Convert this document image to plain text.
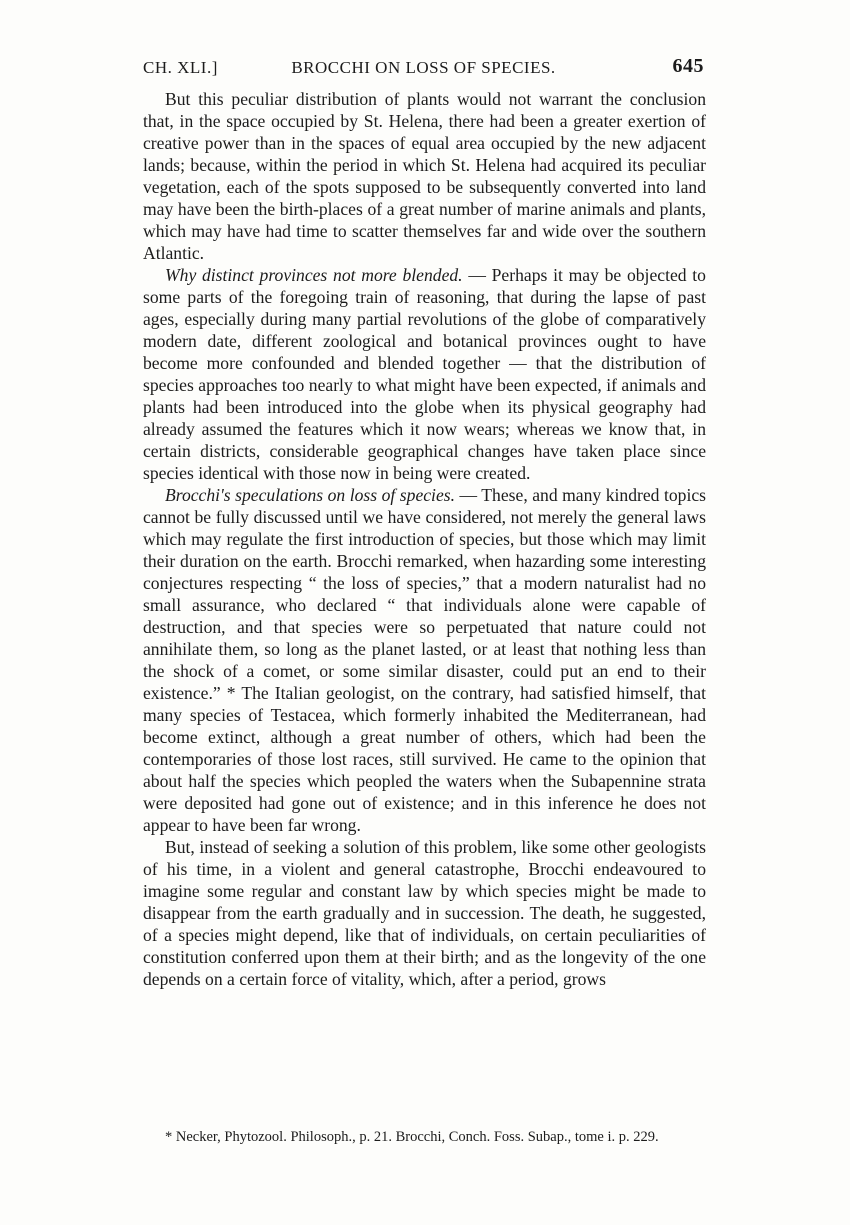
CH. XLI.]	BROCCHI ON LOSS OF SPECIES.	645

But this peculiar distribution of plants would not warrant the conclusion that, in the space occupied by St. Helena, there had been a greater exertion of creative power than in the spaces of equal area occupied by the new adjacent lands; because, within the period in which St. Helena had acquired its peculiar vegetation, each of the spots supposed to be subsequently converted into land may have been the birth-places of a great number of marine animals and plants, which may have had time to scatter themselves far and wide over the southern Atlantic.

Why distinct provinces not more blended. — Perhaps it may be objected to some parts of the foregoing train of reasoning, that during the lapse of past ages, especially during many partial revolutions of the globe of comparatively modern date, different zoological and botanical provinces ought to have become more confounded and blended together — that the distribution of species approaches too nearly to what might have been expected, if animals and plants had been introduced into the globe when its physical geography had already assumed the features which it now wears; whereas we know that, in certain districts, considerable geographical changes have taken place since species identical with those now in being were created.

Brocchi's speculations on loss of species. — These, and many kindred topics cannot be fully discussed until we have considered, not merely the general laws which may regulate the first introduction of species, but those which may limit their duration on the earth. Brocchi remarked, when hazarding some interesting conjectures respecting “ the loss of species,” that a modern naturalist had no small assurance, who declared “ that individuals alone were capable of destruction, and that species were so perpetuated that nature could not annihilate them, so long as the planet lasted, or at least that nothing less than the shock of a comet, or some similar disaster, could put an end to their existence.” * The Italian geologist, on the contrary, had satisfied himself, that many species of Testacea, which formerly inhabited the Mediterranean, had become extinct, although a great number of others, which had been the contemporaries of those lost races, still survived. He came to the opinion that about half the species which peopled the waters when the Subapennine strata were deposited had gone out of existence; and in this inference he does not appear to have been far wrong.

But, instead of seeking a solution of this problem, like some other geologists of his time, in a violent and general catastrophe, Brocchi endeavoured to imagine some regular and constant law by which species might be made to disappear from the earth gradually and in succession. The death, he suggested, of a species might depend, like that of individuals, on certain peculiarities of constitution conferred upon them at their birth; and as the longevity of the one depends on a certain force of vitality, which, after a period, grows

* Necker, Phytozool. Philosoph., p. 21. Brocchi, Conch. Foss. Subap., tome i. p. 229.
